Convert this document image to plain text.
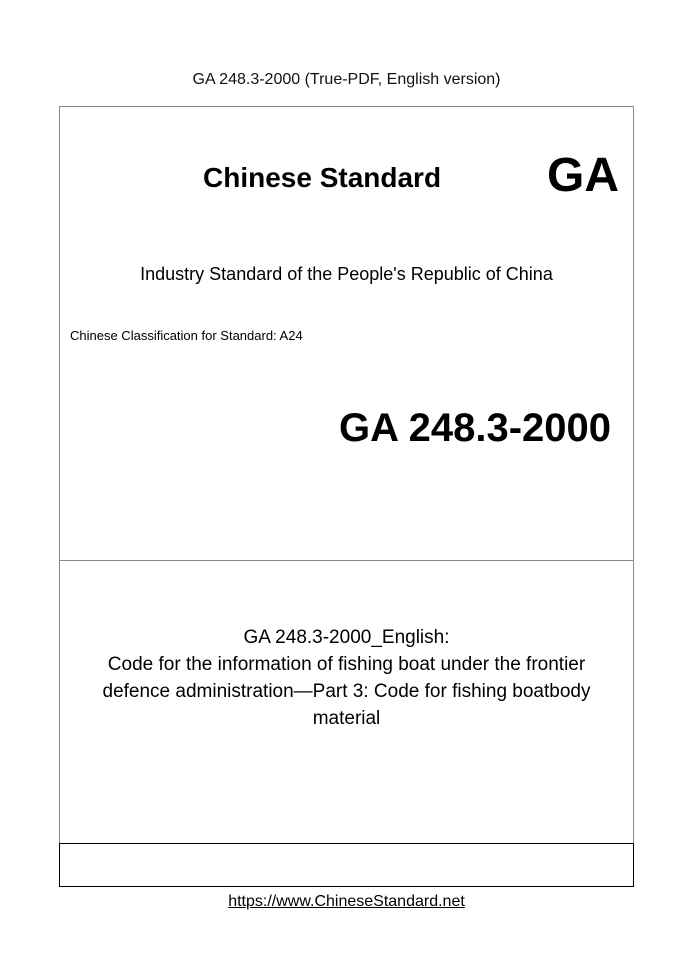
GA 248.3-2000 (True-PDF, English version)
Chinese Standard GA
Industry Standard of the People's Republic of China
Chinese Classification for Standard: A24
GA 248.3-2000
GA 248.3-2000_English:
Code for the information of fishing boat under the frontier
defence administration—Part 3: Code for fishing boatbody
material
https://www.ChineseStandard.net
